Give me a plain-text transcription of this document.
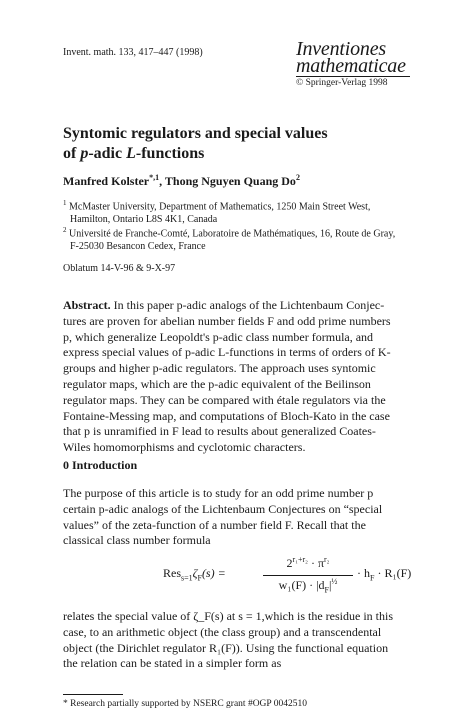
Invent. math. 133, 417–447 (1998)	Inventiones
mathematicae
© Springer-Verlag 1998
Syntomic regulators and special values
of p-adic L-functions
Manfred Kolster$^{*,1}$, Thong Nguyen Quang Do$^2$
$^1$ McMaster University, Department of Mathematics, 1250 Main Street West,
Hamilton, Ontario L8S 4K1, Canada
$^2$ Université de Franche-Comté, Laboratoire de Mathématiques, 16, Route de Gray,
F-25030 Besancon Cedex, France
Oblatum 14-V-96 & 9-X-97
Abstract. In this paper p-adic analogs of the Lichtenbaum Conjec-
tures are proven for abelian number fields F and odd prime numbers
p, which generalize Leopoldt's p-adic class number formula, and
express special values of p-adic L-functions in terms of orders of K-
groups and higher p-adic regulators. The approach uses syntomic
regulator maps, which are the p-adic equivalent of the Beilinson
regulator maps. They can be compared with étale regulators via the
Fontaine-Messing map, and computations of Bloch-Kato in the case
that p is unramified in F lead to results about generalized Coates-
Wiles homomorphisms and cyclotomic characters.
0 Introduction
The purpose of this article is to study for an odd prime number p
certain p-adic analogs of the Lichtenbaum Conjectures on “special
values” of the zeta-function of a number field F. Recall that the
classical class number formula
$Res_{s=1}\zeta_F(s)$ =
$2^{r_1+r_2} \cdot \pi^{r_2}$
$w_1(F) \cdot |d_F|^{\frac{1}{2}}$
· $h_F \cdot R_1(F)$
relates the special value of ζ_F(s) at s = 1,which is the residue in this
case, to an arithmetic object (the class group) and a transcendental
object (the Dirichlet regulator R₁(F)). Using the functional equation
the relation can be stated in a simpler form as
* Research partially supported by NSERC grant #OGP 0042510
